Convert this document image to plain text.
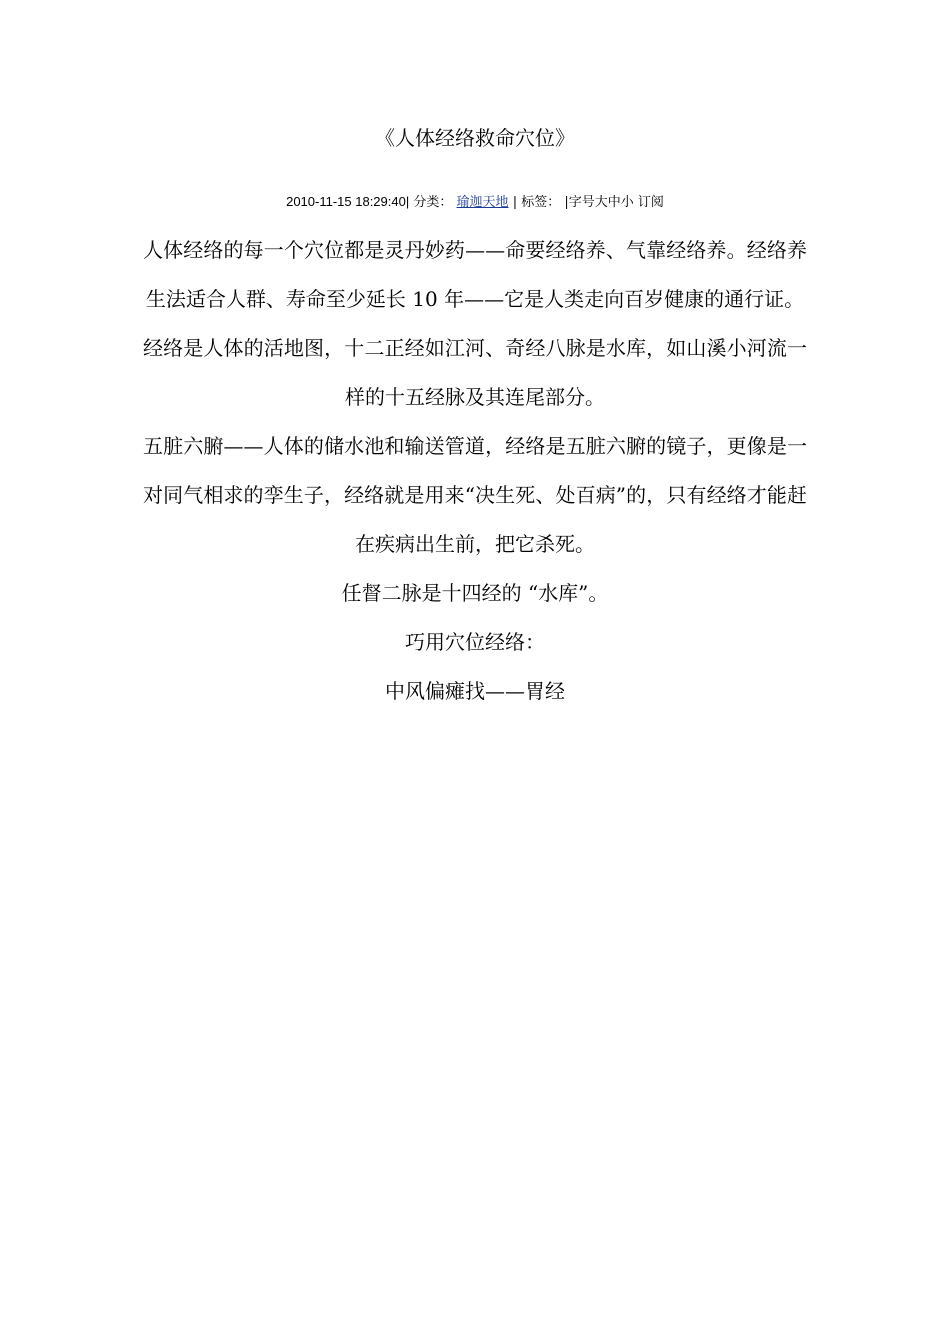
《人体经络救命穴位》
2010-11-15 18:29:40| 分类： 瑜迦天地 | 标签： |字号大中小 订阅

人体经络的每一个穴位都是灵丹妙药——命要经络养、气靠经络养。经络养生法适合人群、寿命至少延长 10 年——它是人类走向百岁健康的通行证。

经络是人体的活地图，十二正经如江河、奇经八脉是水库，如山溪小河流一样的十五经脉及其连尾部分。

五脏六腑——人体的储水池和输送管道，经络是五脏六腑的镜子，更像是一对同气相求的孪生子，经络就是用来“决生死、处百病”的，只有经络才能赶在疾病出生前，把它杀死。

任督二脉是十四经的 “水库”。

巧用穴位经络：

中风偏瘫找——胃经
